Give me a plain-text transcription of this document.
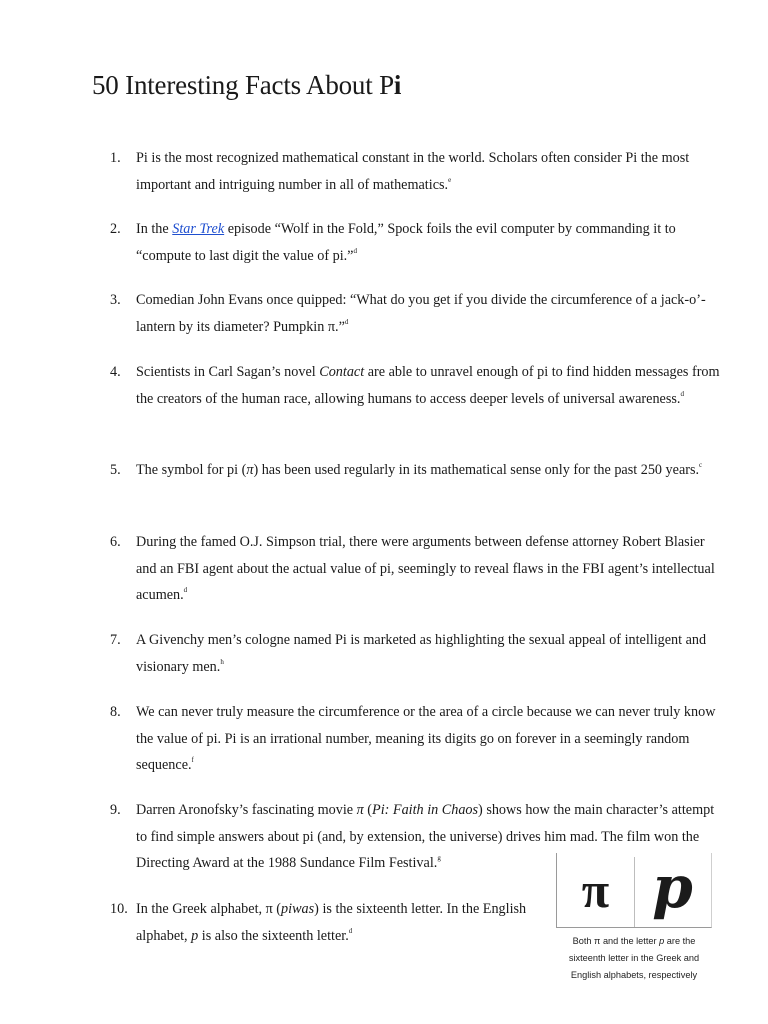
50 Interesting Facts About Pi
1.	Pi is the most recognized mathematical constant in the world. Scholars often consider Pi the most important and intriguing number in all of mathematics.$^e$
2.	In the Star Trek episode “Wolf in the Fold,” Spock foils the evil computer by commanding it to “compute to last digit the value of pi.”$^d$
3.	Comedian John Evans once quipped: “What do you get if you divide the circumference of a jack-o’-lantern by its diameter? Pumpkin π.”$^d$
4.	Scientists in Carl Sagan’s novel Contact are able to unravel enough of pi to find hidden messages from the creators of the human race, allowing humans to access deeper levels of universal awareness.$^d$
5.	The symbol for pi (π) has been used regularly in its mathematical sense only for the past 250 years.$^c$
6.	During the famed O.J. Simpson trial, there were arguments between defense attorney Robert Blasier and an FBI agent about the actual value of pi, seemingly to reveal flaws in the FBI agent’s intellectual acumen.$^d$
7.	A Givenchy men’s cologne named Pi is marketed as highlighting the sexual appeal of intelligent and visionary men.$^h$
8.	We can never truly measure the circumference or the area of a circle because we can never truly know the value of pi. Pi is an irrational number, meaning its digits go on forever in a seemingly random sequence.$^f$
9.	Darren Aronofsky’s fascinating movie π (Pi: Faith in Chaos) shows how the main character’s attempt to find simple answers about pi (and, by extension, the universe) drives him mad. The film won the Directing Award at the 1988 Sundance Film Festival.$^g$
10. In the Greek alphabet, π (piwas) is the sixteenth letter. In the English alphabet, p is also the sixteenth letter.$^d$
π p
Both π and the letter p are the sixteenth letter in the Greek and English alphabets, respectively
